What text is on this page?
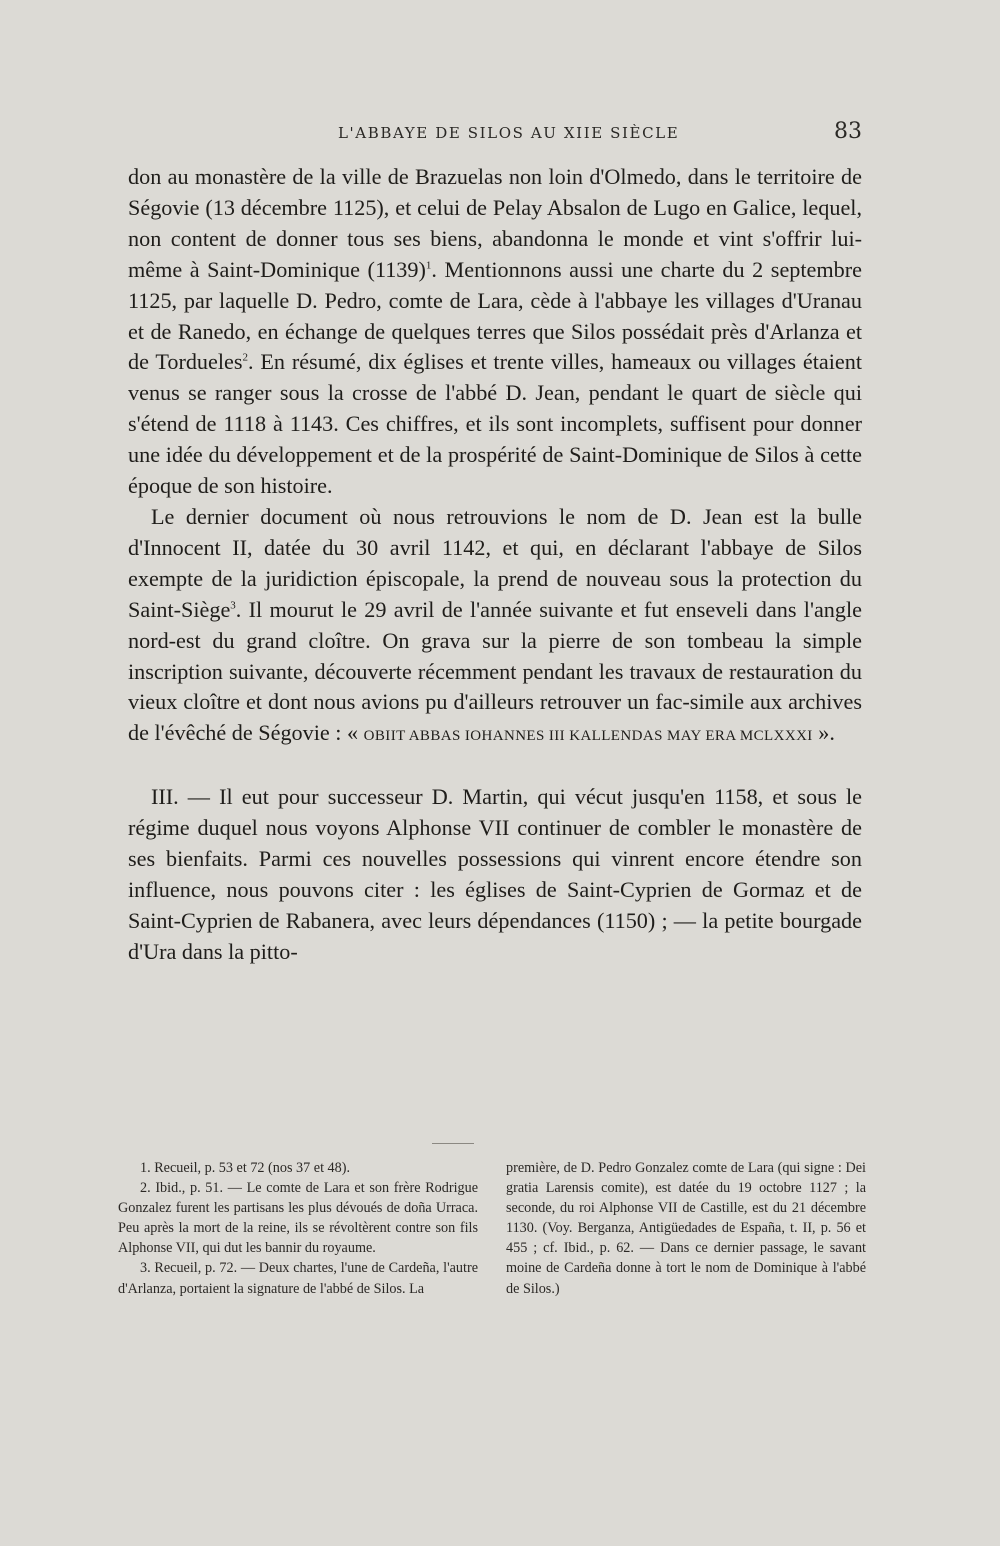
L'ABBAYE DE SILOS AU XIIE SIÈCLE	83

don au monastère de la ville de Brazuelas non loin d'Olmedo, dans le territoire de Ségovie (13 décembre 1125), et celui de Pelay Absalon de Lugo en Galice, lequel, non content de donner tous ses biens, abandonna le monde et vint s'offrir lui-même à Saint-Dominique $(1139)^1$. Mentionnons aussi une charte du 2 septembre 1125, par laquelle D. Pedro, comte de Lara, cède à l'abbaye les villages d'Uranau et de Ranedo, en échange de quelques terres que Silos possédait près d'Arlanza et de Tordueles$^2$. En résumé, dix églises et trente villes, hameaux ou villages étaient venus se ranger sous la crosse de l'abbé D. Jean, pendant le quart de siècle qui s'étend de 1118 à 1143. Ces chiffres, et ils sont incomplets, suffisent pour donner une idée du développement et de la prospérité de Saint-Dominique de Silos à cette époque de son histoire.

Le dernier document où nous retrouvions le nom de D. Jean est la bulle d'Innocent II, datée du 30 avril 1142, et qui, en déclarant l'abbaye de Silos exempte de la juridiction épiscopale, la prend de nouveau sous la protection du Saint-Siège$^3$. Il mourut le 29 avril de l'année suivante et fut enseveli dans l'angle nord-est du grand cloître. On grava sur la pierre de son tombeau la simple inscription suivante, découverte récemment pendant les travaux de restauration du vieux cloître et dont nous avions pu d'ailleurs retrouver un fac-simile aux archives de l'évêché de Ségovie : « OBIIT ABBAS IOHANNES III KALLENDAS MAY ERA MCLXXXI ».

III. — Il eut pour successeur D. Martin, qui vécut jusqu'en 1158, et sous le régime duquel nous voyons Alphonse VII continuer de combler le monastère de ses bienfaits. Parmi ces nouvelles possessions qui vinrent encore étendre son influence, nous pouvons citer : les églises de Saint-Cyprien de Gormaz et de Saint-Cyprien de Rabanera, avec leurs dépendances (1150) ; — la petite bourgade d'Ura dans la pitto-

1. Recueil, p. 53 et 72 (nos 37 et 48).

2. Ibid., p. 51. — Le comte de Lara et son frère Rodrigue Gonzalez furent les partisans les plus dévoués de doña Urraca. Peu après la mort de la reine, ils se révoltèrent contre son fils Alphonse VII, qui dut les bannir du royaume.

3. Recueil, p. 72. — Deux chartes, l'une de Cardeña, l'autre d'Arlanza, portaient la signature de l'abbé de Silos. La

première, de D. Pedro Gonzalez comte de Lara (qui signe : Dei gratia Larensis comite), est datée du 19 octobre 1127 ; la seconde, du roi Alphonse VII de Castille, est du 21 décembre 1130. (Voy. Berganza, Antigüedades de España, t. II, p. 56 et 455 ; cf. Ibid., p. 62. — Dans ce dernier passage, le savant moine de Cardeña donne à tort le nom de Dominique à l'abbé de Silos.)
